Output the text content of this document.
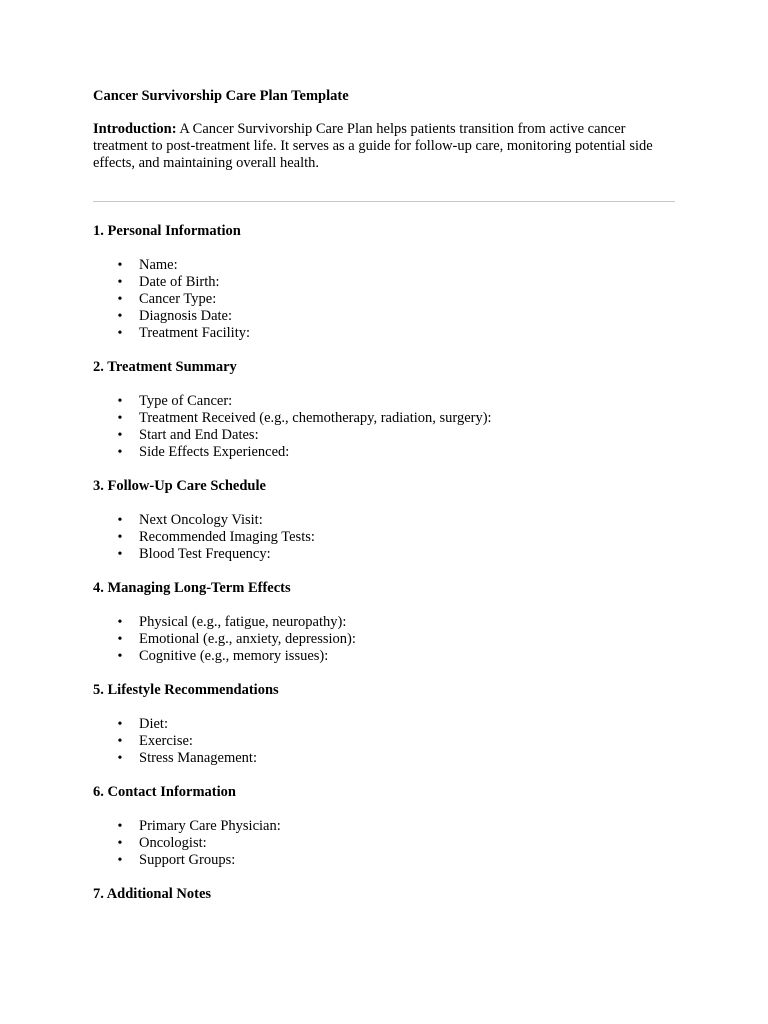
Cancer Survivorship Care Plan Template

Introduction: A Cancer Survivorship Care Plan helps patients transition from active cancer treatment to post-treatment life. It serves as a guide for follow-up care, monitoring potential side effects, and maintaining overall health.

1. Personal Information

• Name:
• Date of Birth:
• Cancer Type:
• Diagnosis Date:
• Treatment Facility:

2. Treatment Summary

• Type of Cancer:
• Treatment Received (e.g., chemotherapy, radiation, surgery):
• Start and End Dates:
• Side Effects Experienced:

3. Follow-Up Care Schedule

• Next Oncology Visit:
• Recommended Imaging Tests:
• Blood Test Frequency:

4. Managing Long-Term Effects

• Physical (e.g., fatigue, neuropathy):
• Emotional (e.g., anxiety, depression):
• Cognitive (e.g., memory issues):

5. Lifestyle Recommendations

• Diet:
• Exercise:
• Stress Management:

6. Contact Information

• Primary Care Physician:
• Oncologist:
• Support Groups:

7. Additional Notes
